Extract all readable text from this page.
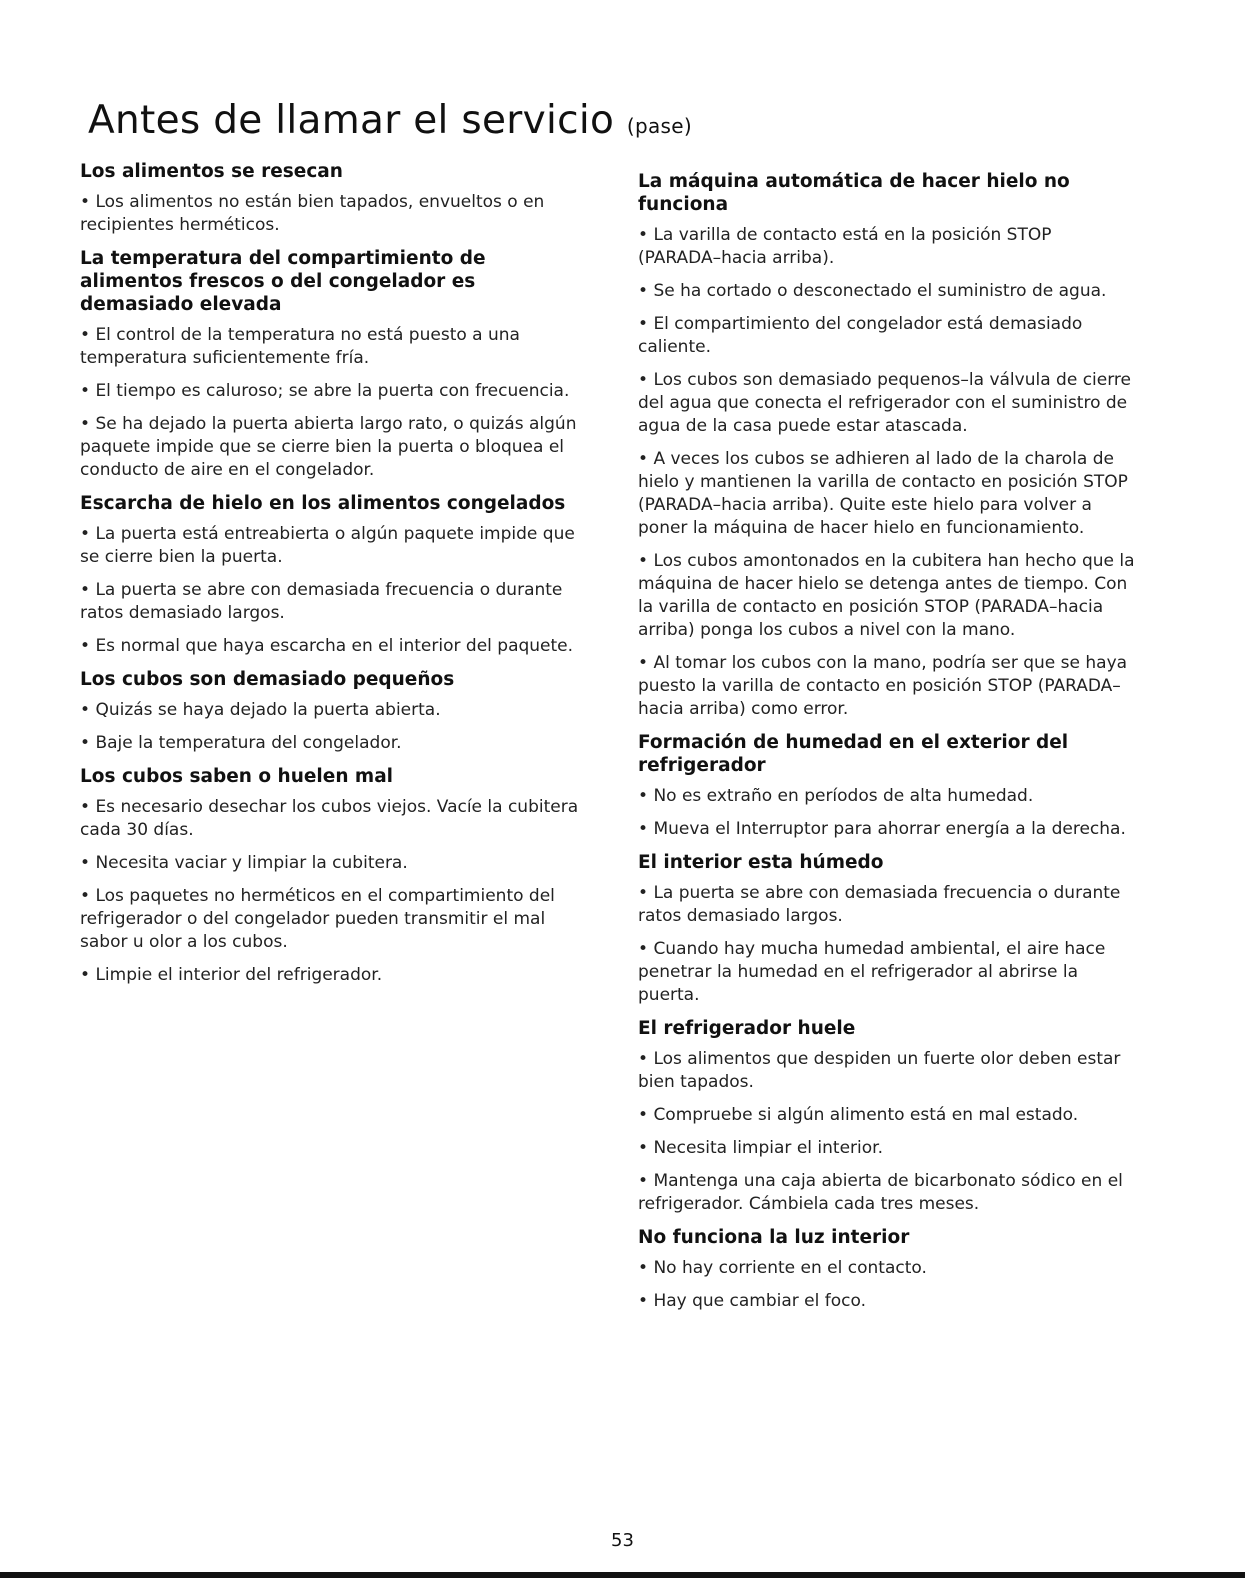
Antes de llamar el servicio (pase)

Los alimentos se resecan

• Los alimentos no están bien tapados, envueltos o en recipientes herméticos.

La temperatura del compartimiento de alimentos frescos o del congelador es demasiado elevada

• El control de la temperatura no está puesto a una temperatura suficientemente fría.

• El tiempo es caluroso; se abre la puerta con frecuencia.

• Se ha dejado la puerta abierta largo rato, o quizás algún paquete impide que se cierre bien la puerta o bloquea el conducto de aire en el congelador.

Escarcha de hielo en los alimentos congelados

• La puerta está entreabierta o algún paquete impide que se cierre bien la puerta.

• La puerta se abre con demasiada frecuencia o durante ratos demasiado largos.

• Es normal que haya escarcha en el interior del paquete.

Los cubos son demasiado pequeños

• Quizás se haya dejado la puerta abierta.

• Baje la temperatura del congelador.

Los cubos saben o huelen mal

• Es necesario desechar los cubos viejos. Vacíe la cubitera cada 30 días.

• Necesita vaciar y limpiar la cubitera.

• Los paquetes no herméticos en el compartimiento del refrigerador o del congelador pueden transmitir el mal sabor u olor a los cubos.

• Limpie el interior del refrigerador.

La máquina automática de hacer hielo no funciona

• La varilla de contacto está en la posición STOP (PARADA–hacia arriba).

• Se ha cortado o desconectado el suministro de agua.

• El compartimiento del congelador está demasiado caliente.

• Los cubos son demasiado pequenos–la válvula de cierre del agua que conecta el refrigerador con el suministro de agua de la casa puede estar atascada.

• A veces los cubos se adhieren al lado de la charola de hielo y mantienen la varilla de contacto en posición STOP (PARADA–hacia arriba). Quite este hielo para volver a poner la máquina de hacer hielo en funcionamiento.

• Los cubos amontonados en la cubitera han hecho que la máquina de hacer hielo se detenga antes de tiempo. Con la varilla de contacto en posición STOP (PARADA–hacia arriba) ponga los cubos a nivel con la mano.

• Al tomar los cubos con la mano, podría ser que se haya puesto la varilla de contacto en posición STOP (PARADA–hacia arriba) como error.

Formación de humedad en el exterior del refrigerador

• No es extraño en períodos de alta humedad.

• Mueva el Interruptor para ahorrar energía a la derecha.

El interior esta húmedo

• La puerta se abre con demasiada frecuencia o durante ratos demasiado largos.

• Cuando hay mucha humedad ambiental, el aire hace penetrar la humedad en el refrigerador al abrirse la puerta.

El refrigerador huele

• Los alimentos que despiden un fuerte olor deben estar bien tapados.

• Compruebe si algún alimento está en mal estado.

• Necesita limpiar el interior.

• Mantenga una caja abierta de bicarbonato sódico en el refrigerador. Cámbiela cada tres meses.

No funciona la luz interior

• No hay corriente en el contacto.

• Hay que cambiar el foco.

53
